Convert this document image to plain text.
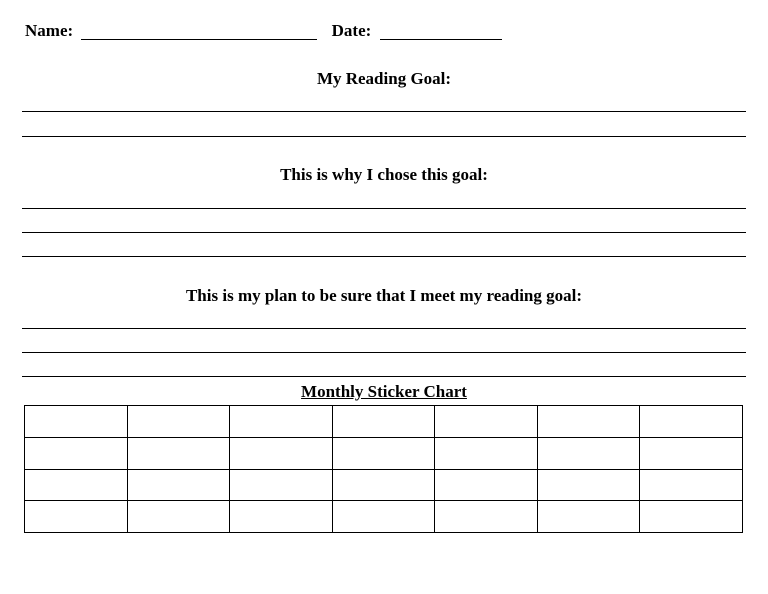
Name:	Date:
My Reading Goal:
This is why I chose this goal:
This is my plan to be sure that I meet my reading goal:
Monthly Sticker Chart
